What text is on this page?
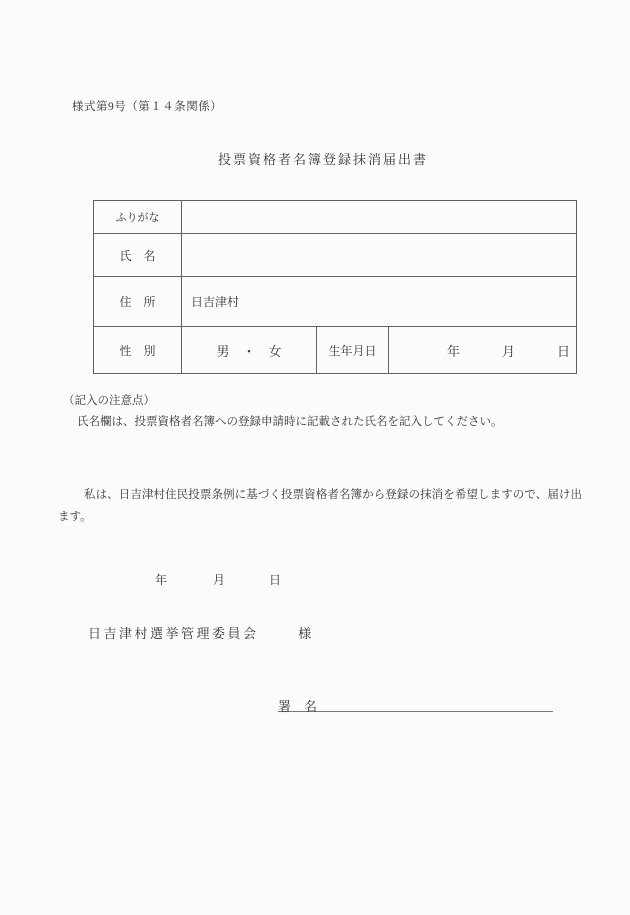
様式第9号（第１４条関係）
投票資格者名簿登録抹消届出書
ふりがな			
氏　名			
住　所	日吉津村		
性　別	男　・　女	生年月日	年 月 日
（記入の注意点）
氏名欄は、投票資格者名簿への登録申請時に記載された氏名を記入してください。
私は、日吉津村住民投票条例に基づく投票資格者名簿から登録の抹消を希望しますので、届け出ます。
年	月	日
日吉津村選挙管理委員会	様
署　名
